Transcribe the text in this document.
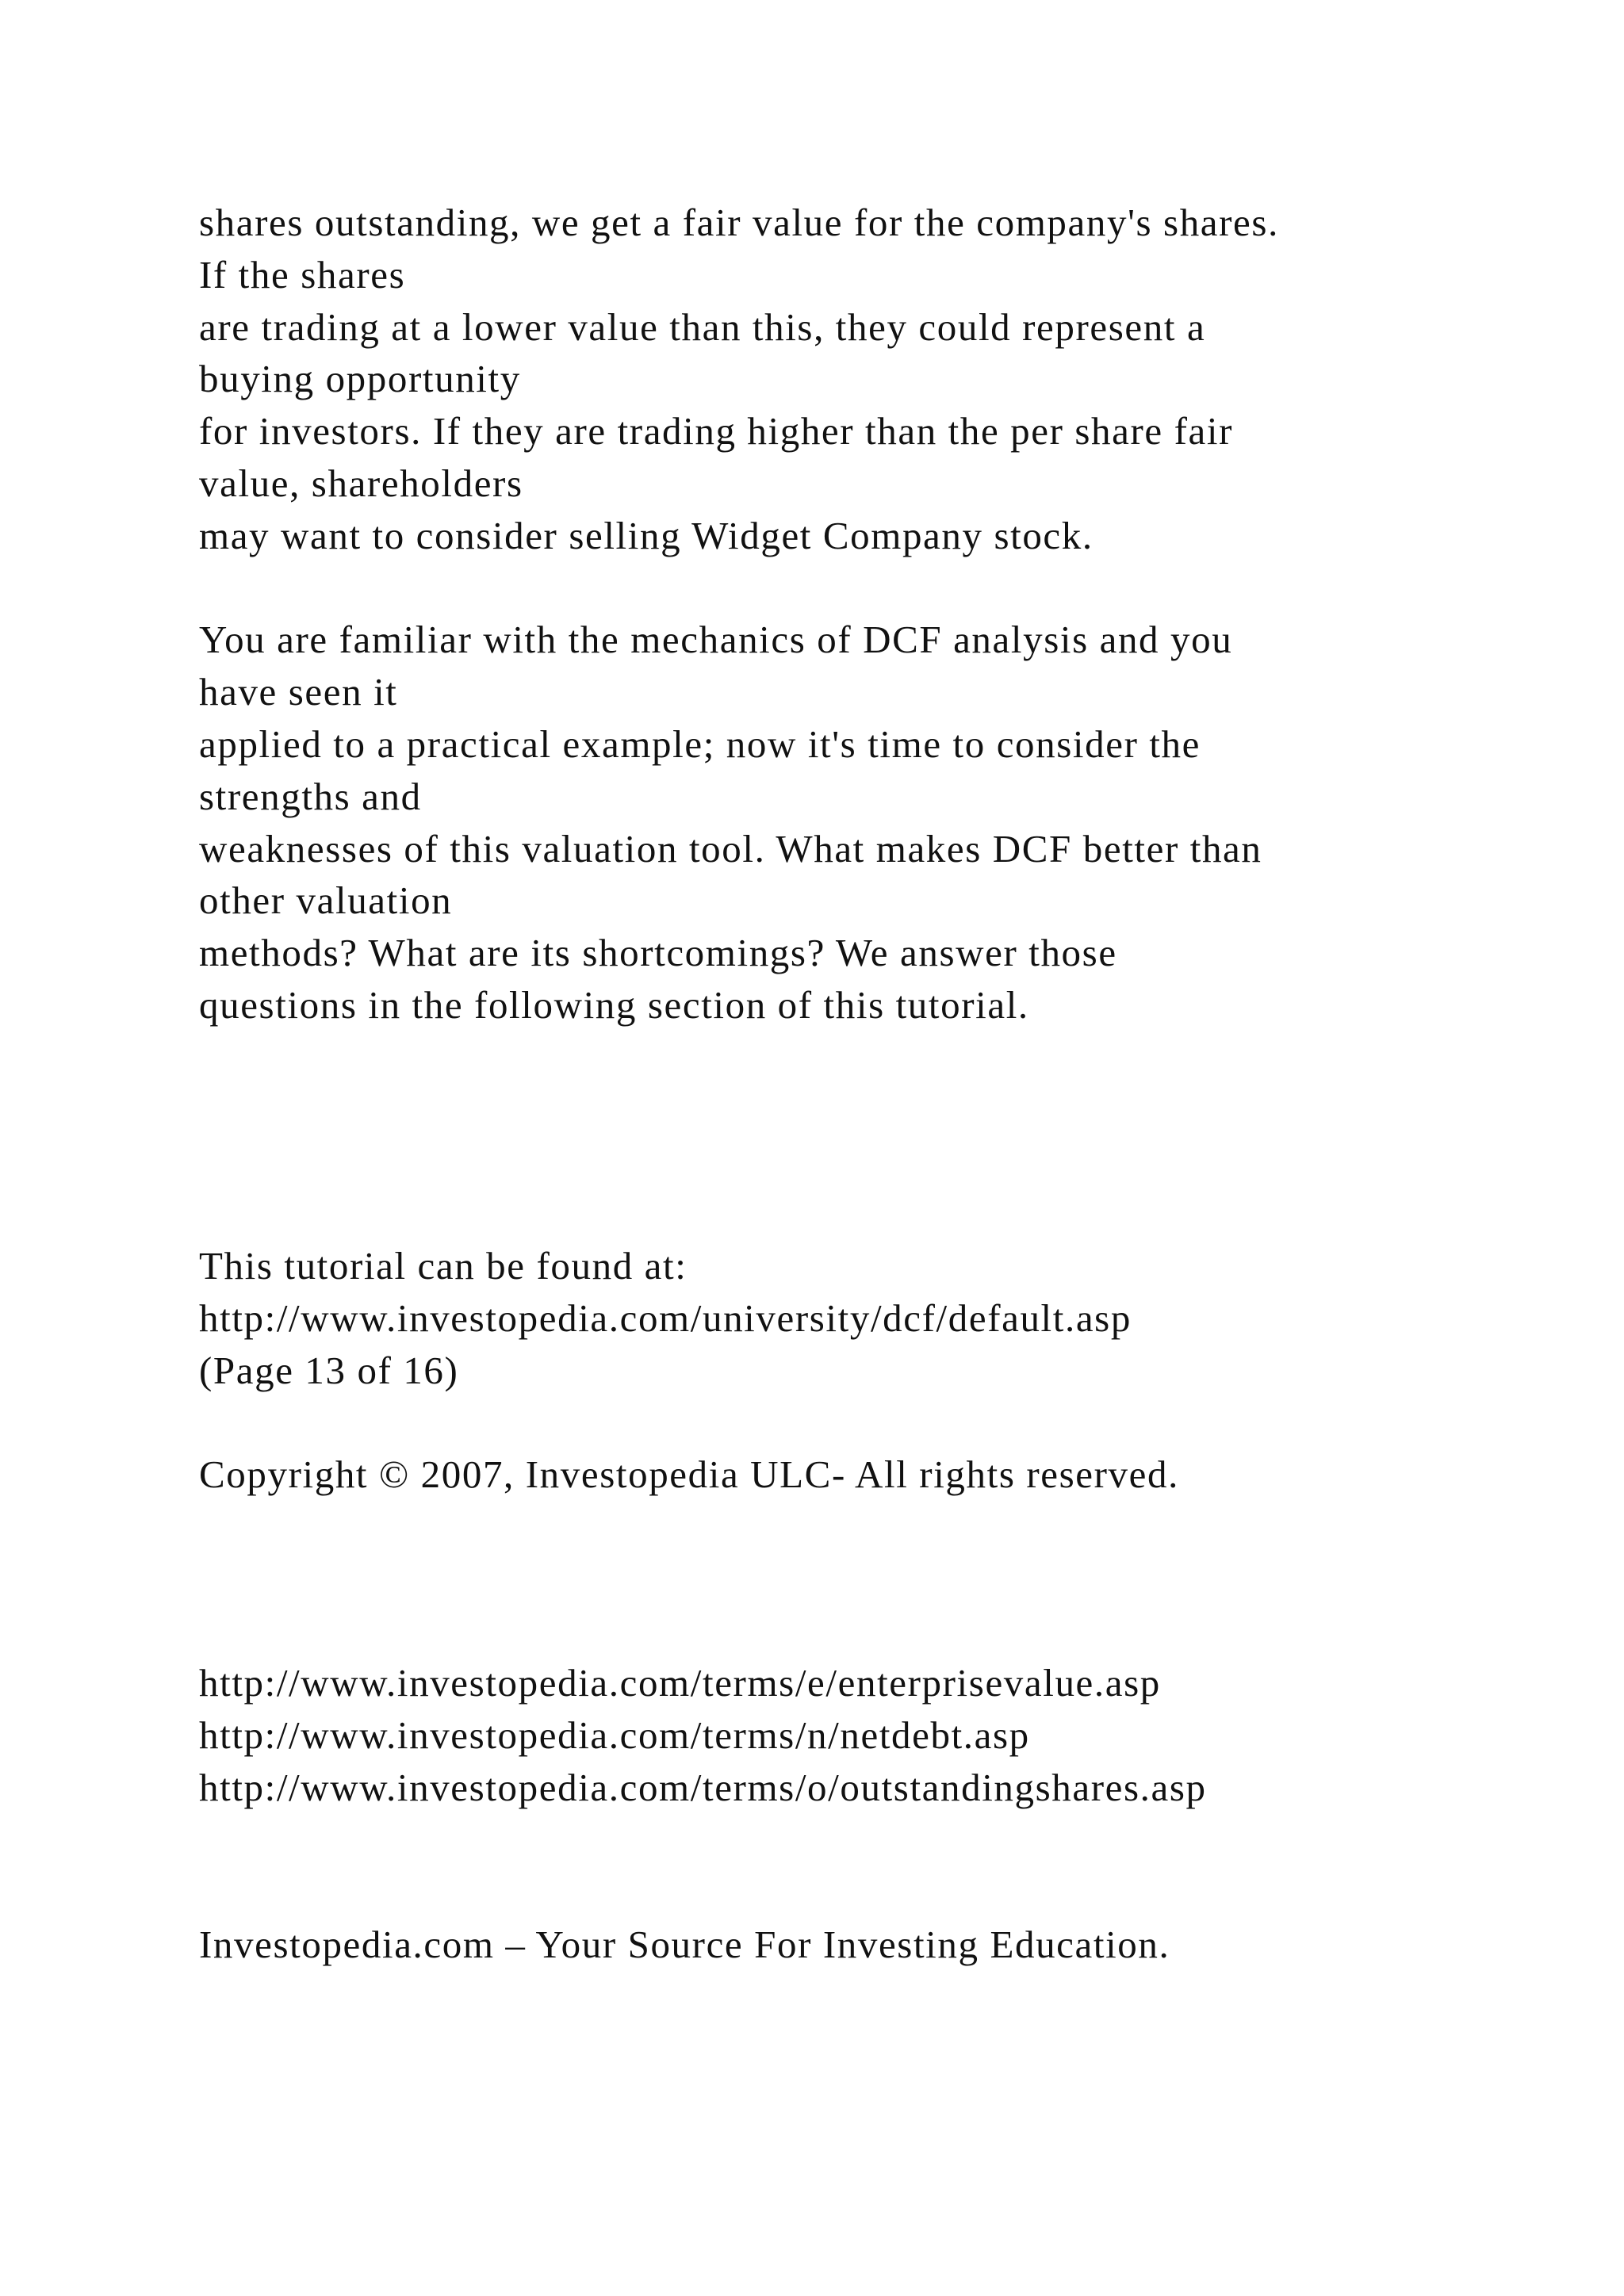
shares outstanding, we get a fair value for the company's shares.
If the shares
are trading at a lower value than this, they could represent a
buying opportunity
for investors. If they are trading higher than the per share fair
value, shareholders
may want to consider selling Widget Company stock.
You are familiar with the mechanics of DCF analysis and you
have seen it
applied to a practical example; now it's time to consider the
strengths and
weaknesses of this valuation tool. What makes DCF better than
other valuation
methods? What are its shortcomings? We answer those
questions in the following section of this tutorial.
This tutorial can be found at:
http://www.investopedia.com/university/dcf/default.asp
(Page 13 of 16)
Copyright © 2007, Investopedia ULC- All rights reserved.
http://www.investopedia.com/terms/e/enterprisevalue.asp
http://www.investopedia.com/terms/n/netdebt.asp
http://www.investopedia.com/terms/o/outstandingshares.asp
Investopedia.com – Your Source For Investing Education.
